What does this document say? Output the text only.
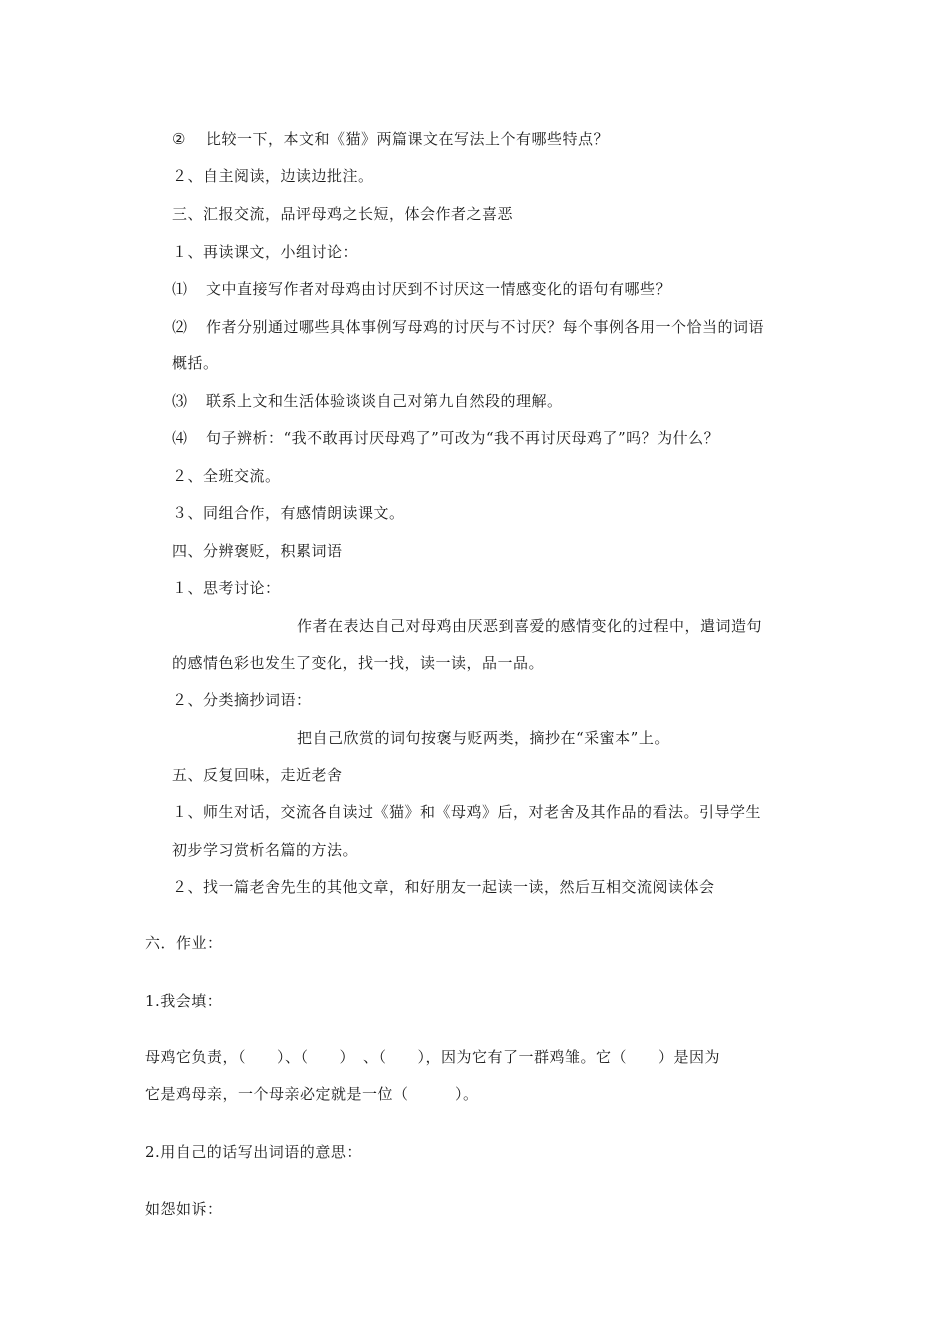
② 比较一下，本文和《猫》两篇课文在写法上个有哪些特点？
２、自主阅读，边读边批注。
三、汇报交流，品评母鸡之长短，体会作者之喜恶
１、再读课文，小组讨论：
⑴ 文中直接写作者对母鸡由讨厌到不讨厌这一情感变化的语句有哪些？
⑵ 作者分别通过哪些具体事例写母鸡的讨厌与不讨厌？每个事例各用一个恰当的词语
概括。
⑶ 联系上文和生活体验谈谈自己对第九自然段的理解。
⑷ 句子辨析：“我不敢再讨厌母鸡了”可改为“我不再讨厌母鸡了”吗？为什么？
２、全班交流。
３、同组合作，有感情朗读课文。
四、分辨褒贬，积累词语
１、思考讨论：
作者在表达自己对母鸡由厌恶到喜爱的感情变化的过程中，遣词造句
的感情色彩也发生了变化，找一找，读一读，品一品。
２、分类摘抄词语：
把自己欣赏的词句按褒与贬两类，摘抄在“采蜜本”上。
五、反复回味，走近老舍
１、师生对话，交流各自读过《猫》和《母鸡》后，对老舍及其作品的看法。引导学生
初步学习赏析名篇的方法。
２、找一篇老舍先生的其他文章，和好朋友一起读一读，然后互相交流阅读体会
六．作业：
1.我会填：
母鸡它负责，（　　）、（　　）　、（　　），因为它有了一群鸡雏。它（　　）是因为
它是鸡母亲，一个母亲必定就是一位（　　　）。
2.用自己的话写出词语的意思：
如怨如诉：
